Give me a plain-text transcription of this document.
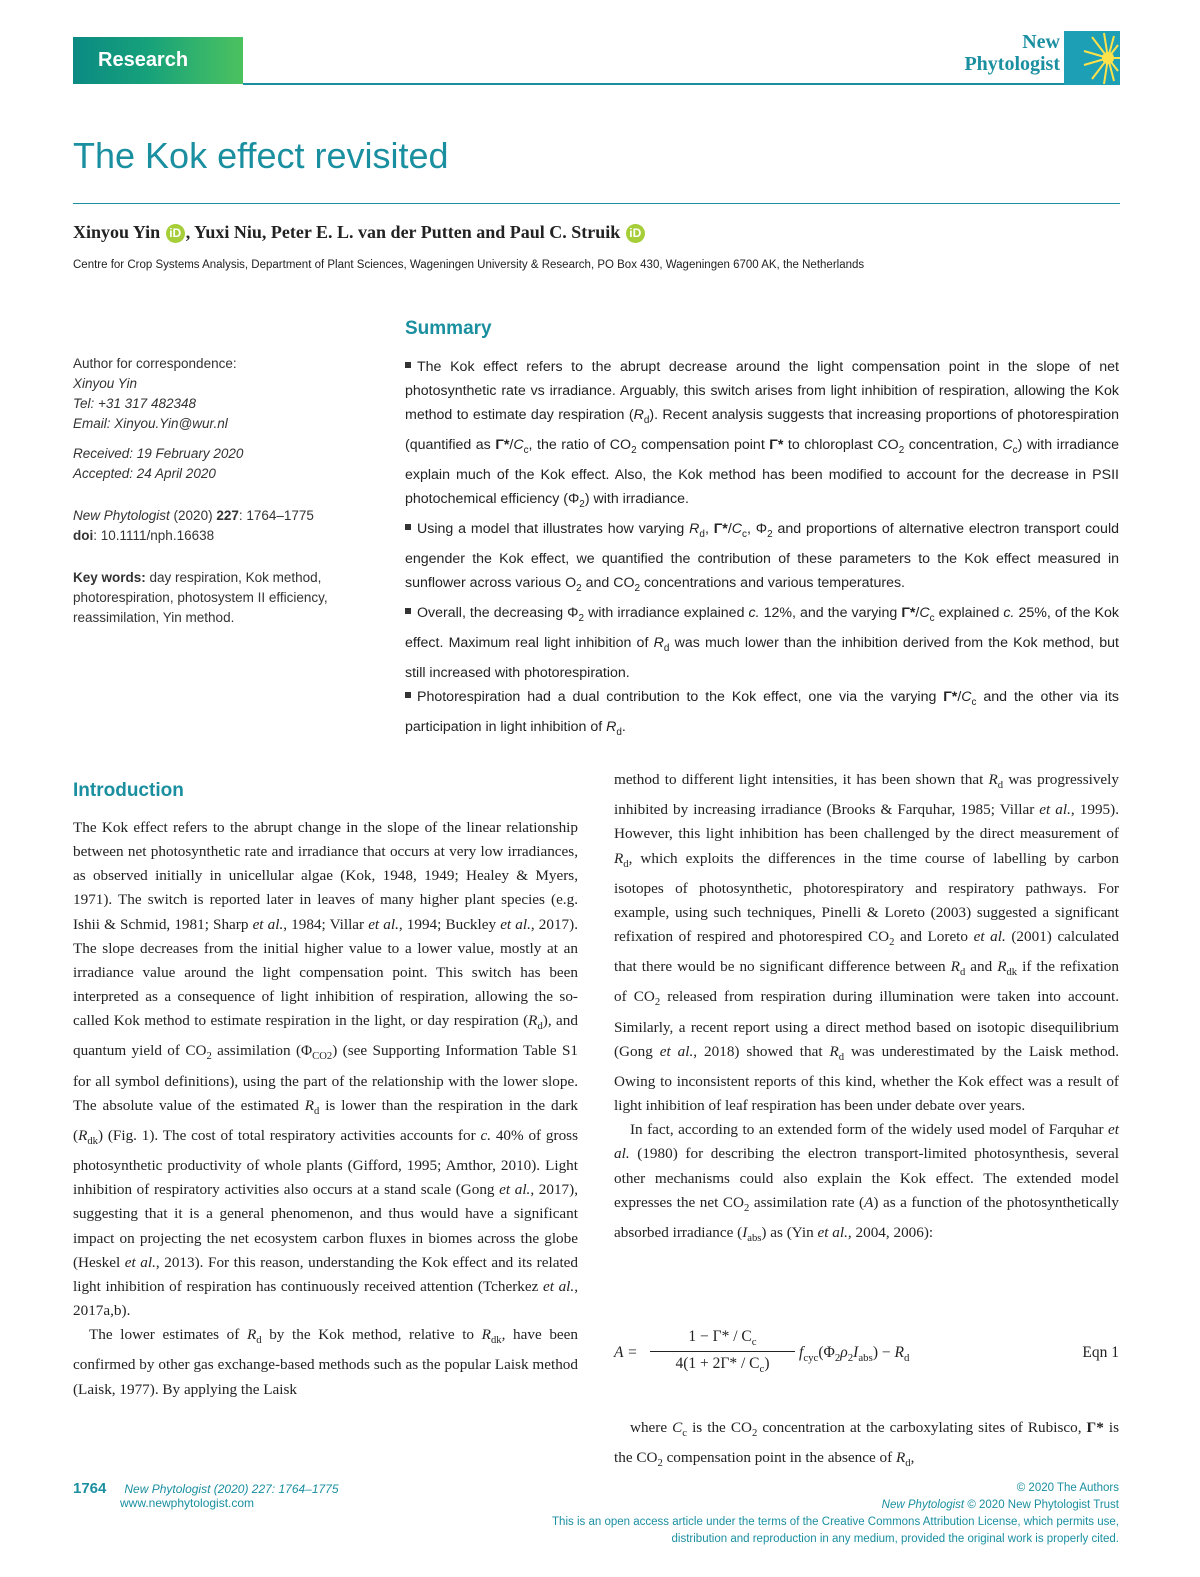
Research
New
Phytologist
The Kok effect revisited
Xinyou Yin iD , Yuxi Niu, Peter E. L. van der Putten and Paul C. Struik iD
Centre for Crop Systems Analysis, Department of Plant Sciences, Wageningen University & Research, PO Box 430, Wageningen 6700 AK, the Netherlands

Author for correspondence:

Xinyou Yin

Tel: +31 317 482348

Email: Xinyou.Yin@wur.nl

Received: 19 February 2020

Accepted: 24 April 2020

New Phytologist (2020) 227: 1764–1775

doi: 10.1111/nph.16638

Key words: day respiration, Kok method,

photorespiration, photosystem II efficiency,

reassimilation, Yin method.

Summary

The Kok effect refers to the abrupt decrease around the light compensation point in the slope of net photosynthetic rate vs irradiance. Arguably, this switch arises from light inhibition of respiration, allowing the Kok method to estimate day respiration $(R_d)$. Recent analysis suggests that increasing proportions of photorespiration (quantified as $\Gamma*/C_c$, the ratio of $CO_2$ compensation point Γ* to chloroplast $CO_2$ concentration, $C_c$) with irradiance explain much of the Kok effect. Also, the Kok method has been modified to account for the decrease in PSII photochemical efficiency $(\Phi_2)$ with irradiance.

Using a model that illustrates how varying $R_d$, $\Gamma*/C_c$, $\Phi_2$ and proportions of alternative electron transport could engender the Kok effect, we quantified the contribution of these parameters to the Kok effect measured in sunflower across various $O_2$ and $CO_2$ concentrations and various temperatures.

Overall, the decreasing $\Phi_2$ with irradiance explained c. 12%, and the varying $\Gamma*/C_c$ explained c. 25%, of the Kok effect. Maximum real light inhibition of $R_d$ was much lower than the inhibition derived from the Kok method, but still increased with photorespiration.

Photorespiration had a dual contribution to the Kok effect, one via the varying $\Gamma*/C_c$ and the other via its participation in light inhibition of $R_d$.

Introduction

The Kok effect refers to the abrupt change in the slope of the linear relationship between net photosynthetic rate and irradiance that occurs at very low irradiances, as observed initially in unicellular algae (Kok, 1948, 1949; Healey & Myers, 1971). The switch is reported later in leaves of many higher plant species (e.g. Ishii & Schmid, 1981; Sharp et al., 1984; Villar et al., 1994; Buckley et al., 2017). The slope decreases from the initial higher value to a lower value, mostly at an irradiance value around the light compensation point. This switch has been interpreted as a consequence of light inhibition of respiration, allowing the so-called Kok method to estimate respiration in the light, or day respiration $(R_d)$, and quantum yield of $CO_2$ assimilation $(\Phi_{CO2})$ (see Supporting Information Table S1 for all symbol definitions), using the part of the relationship with the lower slope. The absolute value of the estimated $R_d$ is lower than the respiration in the dark $(R_{dk})$ (Fig. 1). The cost of total respiratory activities accounts for c. 40% of gross photosynthetic productivity of whole plants (Gifford, 1995; Amthor, 2010). Light inhibition of respiratory activities also occurs at a stand scale (Gong et al., 2017), suggesting that it is a general phenomenon, and thus would have a significant impact on projecting the net ecosystem carbon fluxes in biomes across the globe (Heskel et al., 2013). For this reason, understanding the Kok effect and its related light inhibition of respiration has continuously received attention (Tcherkez et al., 2017a,b).

The lower estimates of $R_d$ by the Kok method, relative to $R_{dk}$, have been confirmed by other gas exchange-based methods such as the popular Laisk method (Laisk, 1977). By applying the Laisk

method to different light intensities, it has been shown that $R_d$ was progressively inhibited by increasing irradiance (Brooks & Farquhar, 1985; Villar et al., 1995). However, this light inhibition has been challenged by the direct measurement of $R_d$, which exploits the differences in the time course of labelling by carbon isotopes of photosynthetic, photorespiratory and respiratory pathways. For example, using such techniques, Pinelli & Loreto (2003) suggested a significant refixation of respired and photorespired $CO_2$ and Loreto et al. (2001) calculated that there would be no significant difference between $R_d$ and $R_{dk}$ if the refixation of $CO_2$ released from respiration during illumination were taken into account. Similarly, a recent report using a direct method based on isotopic disequilibrium (Gong et al., 2018) showed that $R_d$ was underestimated by the Laisk method. Owing to inconsistent reports of this kind, whether the Kok effect was a result of light inhibition of leaf respiration has been under debate over years.

In fact, according to an extended form of the widely used model of Farquhar et al. (1980) for describing the electron transport-limited photosynthesis, several other mechanisms could also explain the Kok effect. The extended model expresses the net $CO_2$ assimilation rate (A) as a function of the photosynthetically absorbed irradiance $(I_{abs})$ as (Yin et al., 2004, 2006):

$A = \frac{1 - \Gamma* / C_c}{4(1 + 2\Gamma* / C_c)} f_{cyc}(\Phi_2\rho_2I_{abs}) - R_d$	Eqn 1

where $C_c$ is the $CO_2$ concentration at the carboxylating sites of Rubisco, Γ* is the $CO_2$ compensation point in the absence of $R_d$,

1764 New Phytologist (2020) 227: 1764–1775
www.newphytologist.com
© 2020 The Authors
New Phytologist © 2020 New Phytologist Trust
This is an open access article under the terms of the Creative Commons Attribution License, which permits use,
distribution and reproduction in any medium, provided the original work is properly cited.
